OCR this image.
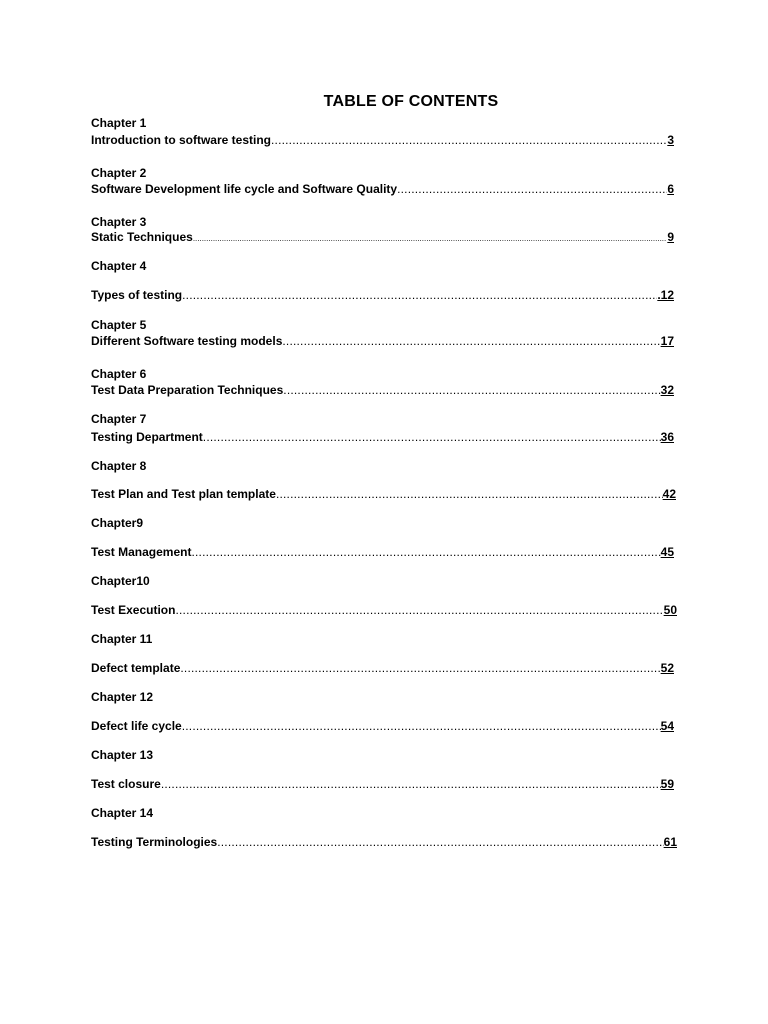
TABLE OF CONTENTS
Chapter 1
Introduction to software testing .....	3
Chapter 2
Software Development life cycle and Software Quality .....	6
Chapter 3
Static Techniques .....	9
Chapter 4
Types of testing .....	.12
Chapter 5
Different Software testing models .....	17
Chapter 6
Test Data Preparation Techniques .....	32
Chapter 7
Testing Department .....	36
Chapter 8
Test Plan and Test plan template .....	42
Chapter9
Test Management .....	45
Chapter10
Test Execution .....	50
Chapter 11
Defect template .....	52
Chapter 12
Defect life cycle .....	54
Chapter 13
Test closure .....	59
Chapter 14
Testing Terminologies .....	61
